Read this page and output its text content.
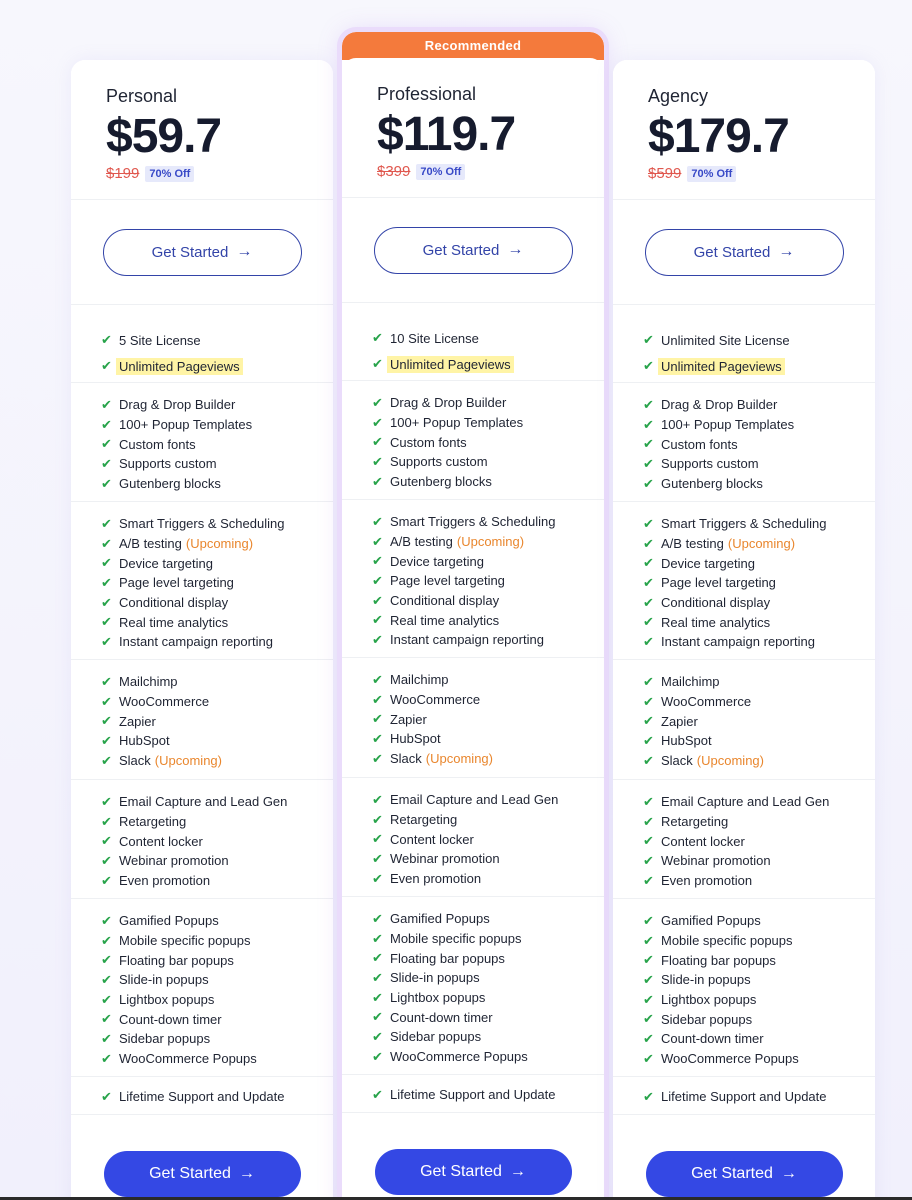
Personal
$59.7
$199 70% Off
Get Started →
✔ 5 Site License
✔ Unlimited Pageviews
✔ Drag & Drop Builder
✔ 100+ Popup Templates
✔ Custom fonts
✔ Supports custom
✔ Gutenberg blocks
✔ Smart Triggers & Scheduling
✔ A/B testing (Upcoming)
✔ Device targeting
✔ Page level targeting
✔ Conditional display
✔ Real time analytics
✔ Instant campaign reporting
✔ Mailchimp
✔ WooCommerce
✔ Zapier
✔ HubSpot
✔ Slack (Upcoming)
✔ Email Capture and Lead Gen
✔ Retargeting
✔ Content locker
✔ Webinar promotion
✔ Even promotion
✔ Gamified Popups
✔ Mobile specific popups
✔ Floating bar popups
✔ Slide-in popups
✔ Lightbox popups
✔ Count-down timer
✔ Sidebar popups
✔ WooCommerce Popups
✔ Lifetime Support and Update
Get Started →
Recommended
Professional
$119.7
$399 70% Off
Get Started →
✔ 10 Site License
✔ Unlimited Pageviews
✔ Drag & Drop Builder
✔ 100+ Popup Templates
✔ Custom fonts
✔ Supports custom
✔ Gutenberg blocks
✔ Smart Triggers & Scheduling
✔ A/B testing (Upcoming)
✔ Device targeting
✔ Page level targeting
✔ Conditional display
✔ Real time analytics
✔ Instant campaign reporting
✔ Mailchimp
✔ WooCommerce
✔ Zapier
✔ HubSpot
✔ Slack (Upcoming)
✔ Email Capture and Lead Gen
✔ Retargeting
✔ Content locker
✔ Webinar promotion
✔ Even promotion
✔ Gamified Popups
✔ Mobile specific popups
✔ Floating bar popups
✔ Slide-in popups
✔ Lightbox popups
✔ Count-down timer
✔ Sidebar popups
✔ WooCommerce Popups
✔ Lifetime Support and Update
Get Started →
Agency
$179.7
$599 70% Off
Get Started →
✔ Unlimited Site License
✔ Unlimited Pageviews
✔ Drag & Drop Builder
✔ 100+ Popup Templates
✔ Custom fonts
✔ Supports custom
✔ Gutenberg blocks
✔ Smart Triggers & Scheduling
✔ A/B testing (Upcoming)
✔ Device targeting
✔ Page level targeting
✔ Conditional display
✔ Real time analytics
✔ Instant campaign reporting
✔ Mailchimp
✔ WooCommerce
✔ Zapier
✔ HubSpot
✔ Slack (Upcoming)
✔ Email Capture and Lead Gen
✔ Retargeting
✔ Content locker
✔ Webinar promotion
✔ Even promotion
✔ Gamified Popups
✔ Mobile specific popups
✔ Floating bar popups
✔ Slide-in popups
✔ Lightbox popups
✔ Sidebar popups
✔ Count-down timer
✔ WooCommerce Popups
✔ Lifetime Support and Update
Get Started →
